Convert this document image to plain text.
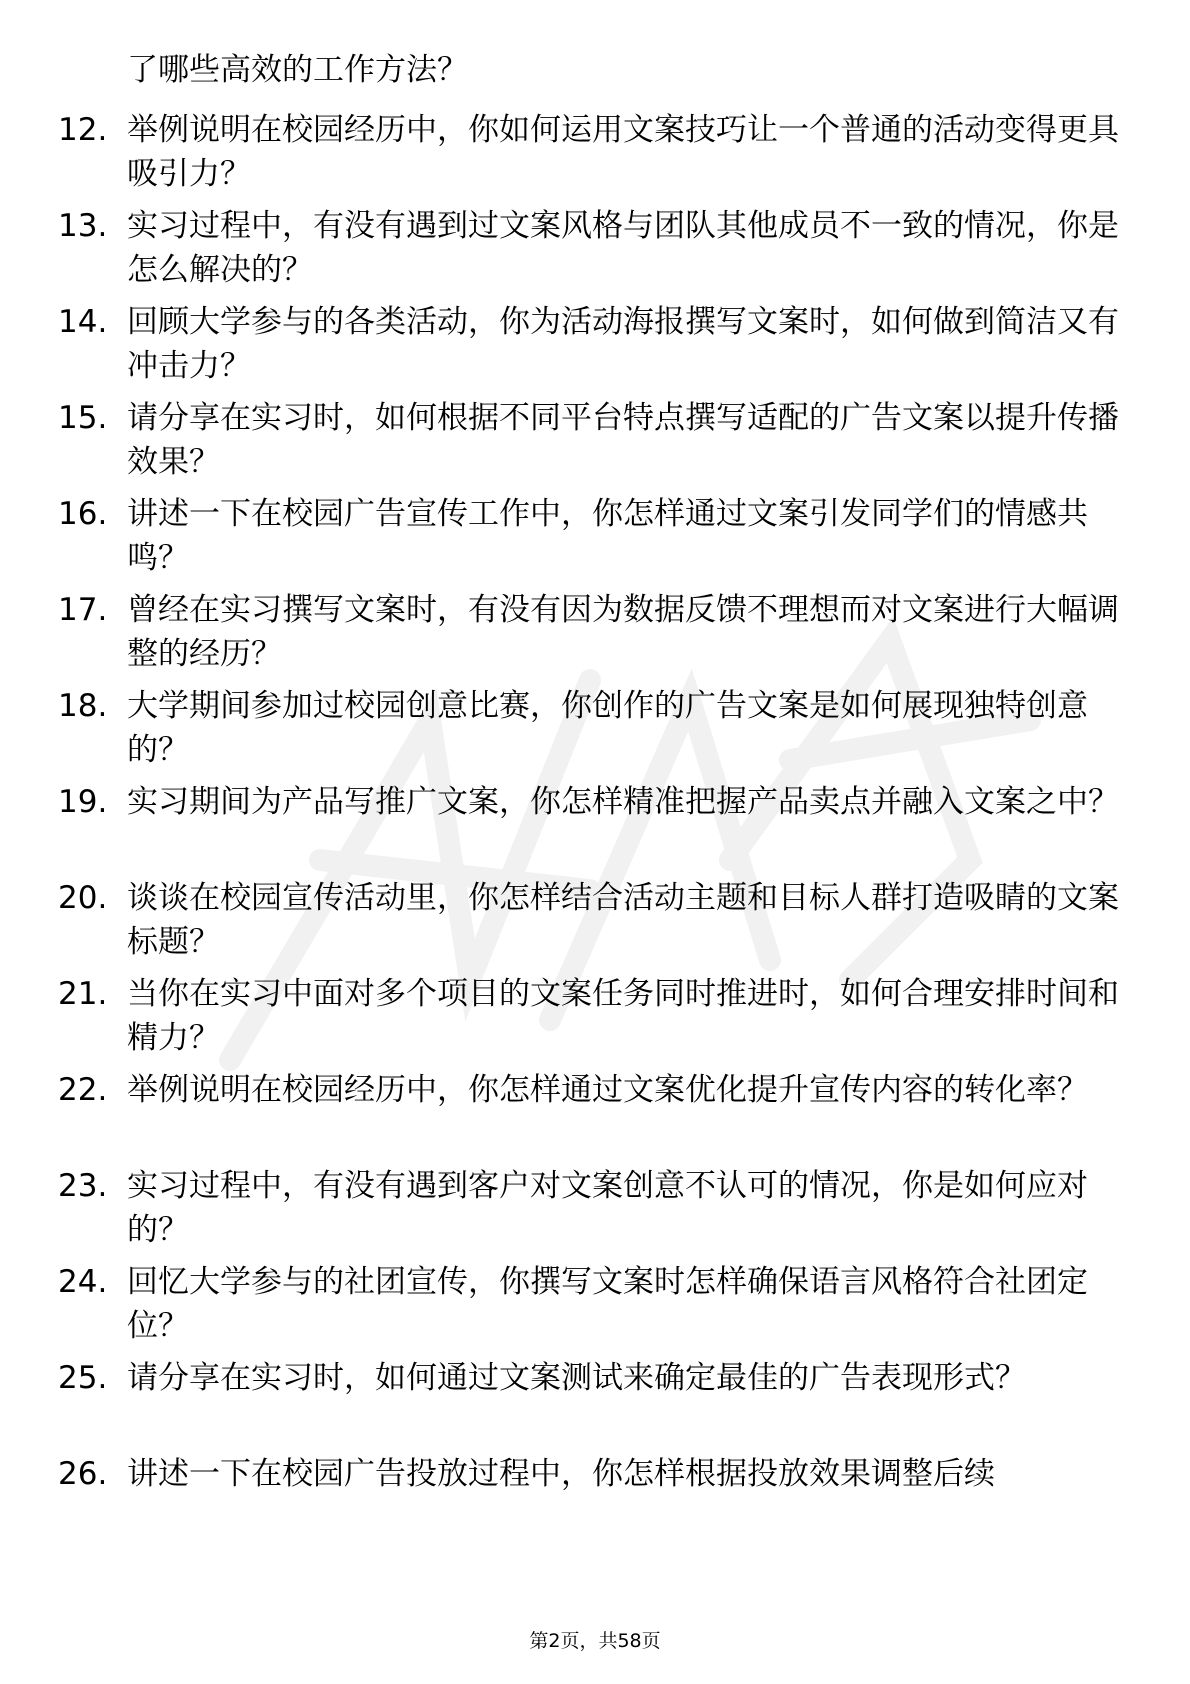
了哪些高效的工作方法？
12. 举例说明在校园经历中，你如何运用文案技巧让一个普通的活动变得更具吸引力？
13. 实习过程中，有没有遇到过文案风格与团队其他成员不一致的情况，你是怎么解决的？
14. 回顾大学参与的各类活动，你为活动海报撰写文案时，如何做到简洁又有冲击力？
15. 请分享在实习时，如何根据不同平台特点撰写适配的广告文案以提升传播效果？
16. 讲述一下在校园广告宣传工作中，你怎样通过文案引发同学们的情感共鸣？
17. 曾经在实习撰写文案时，有没有因为数据反馈不理想而对文案进行大幅调整的经历？
18. 大学期间参加过校园创意比赛，你创作的广告文案是如何展现独特创意的？
19. 实习期间为产品写推广文案，你怎样精准把握产品卖点并融入文案之中？
20. 谈谈在校园宣传活动里，你怎样结合活动主题和目标人群打造吸睛的文案标题？
21. 当你在实习中面对多个项目的文案任务同时推进时，如何合理安排时间和精力？
22. 举例说明在校园经历中，你怎样通过文案优化提升宣传内容的转化率？
23. 实习过程中，有没有遇到客户对文案创意不认可的情况，你是如何应对的？
24. 回忆大学参与的社团宣传，你撰写文案时怎样确保语言风格符合社团定位？
25. 请分享在实习时，如何通过文案测试来确定最佳的广告表现形式？
26. 讲述一下在校园广告投放过程中，你怎样根据投放效果调整后续
第2页，共58页
